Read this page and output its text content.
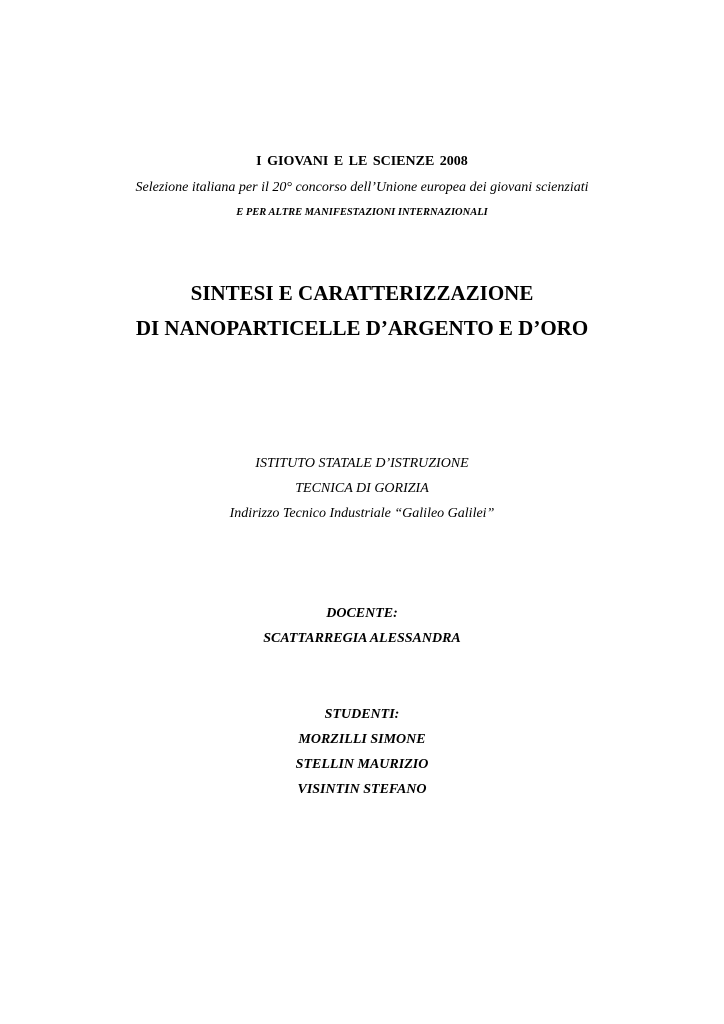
I GIOVANI E LE SCIENZE 2008
Selezione italiana per il 20° concorso dell’Unione europea dei giovani scienziati
E PER ALTRE MANIFESTAZIONI INTERNAZIONALI
SINTESI E CARATTERIZZAZIONE
DI NANOPARTICELLE D’ARGENTO E D’ORO
ISTITUTO STATALE D’ISTRUZIONE
TECNICA DI GORIZIA
Indirizzo Tecnico Industriale “Galileo Galilei”
DOCENTE:
SCATTARREGIA ALESSANDRA
STUDENTI:
MORZILLI SIMONE
STELLIN MAURIZIO
VISINTIN STEFANO
